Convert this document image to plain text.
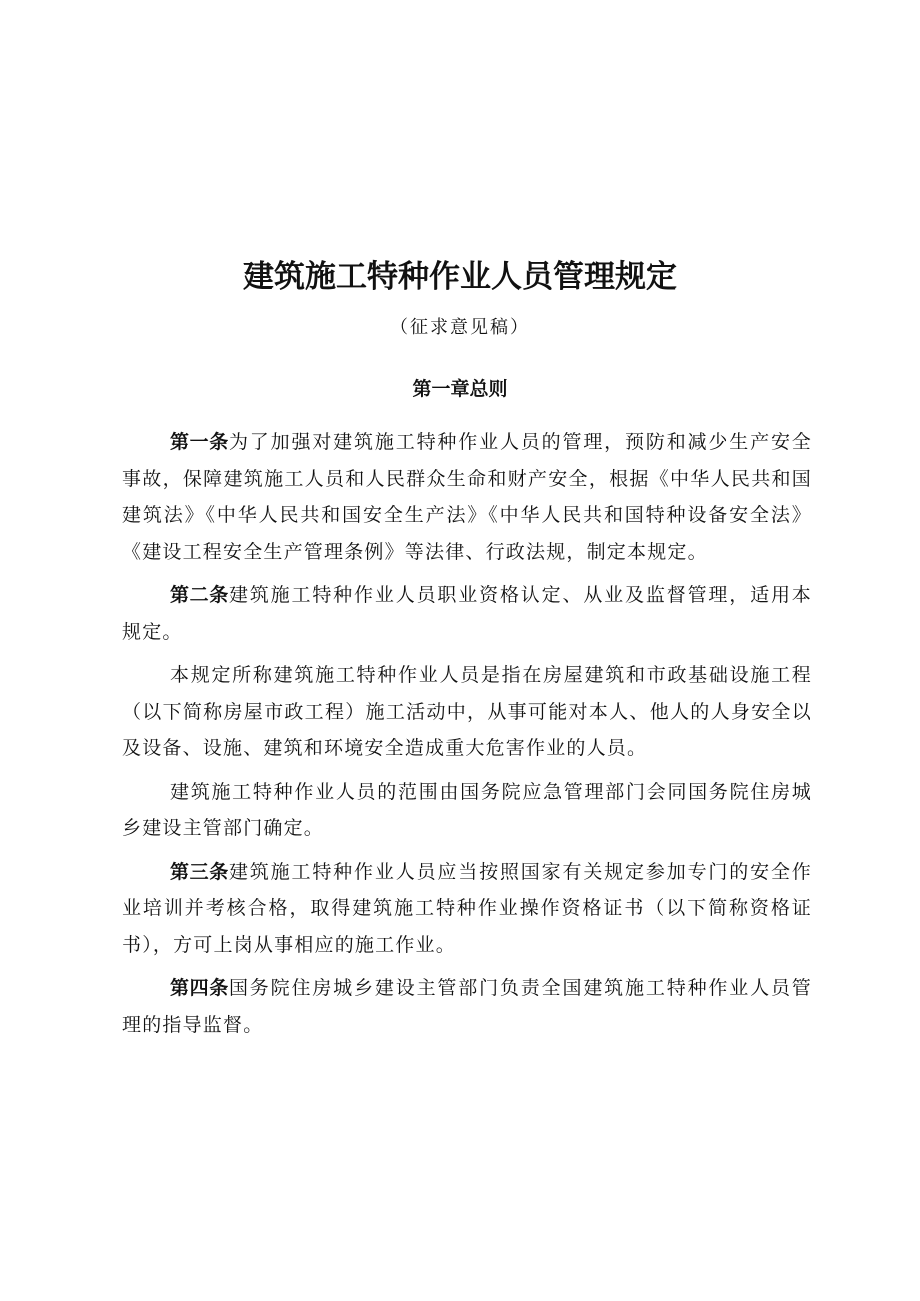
建筑施工特种作业人员管理规定
（征求意见稿）
第一章总则

第一条为了加强对建筑施工特种作业人员的管理，预防和减少生产安全事故，保障建筑施工人员和人民群众生命和财产安全，根据《中华人民共和国建筑法》《中华人民共和国安全生产法》《中华人民共和国特种设备安全法》《建设工程安全生产管理条例》等法律、行政法规，制定本规定。

第二条建筑施工特种作业人员职业资格认定、从业及监督管理，适用本规定。

本规定所称建筑施工特种作业人员是指在房屋建筑和市政基础设施工程（以下简称房屋市政工程）施工活动中，从事可能对本人、他人的人身安全以及设备、设施、建筑和环境安全造成重大危害作业的人员。

建筑施工特种作业人员的范围由国务院应急管理部门会同国务院住房城乡建设主管部门确定。

第三条建筑施工特种作业人员应当按照国家有关规定参加专门的安全作业培训并考核合格，取得建筑施工特种作业操作资格证书（以下简称资格证书），方可上岗从事相应的施工作业。

第四条国务院住房城乡建设主管部门负责全国建筑施工特种作业人员管理的指导监督。
